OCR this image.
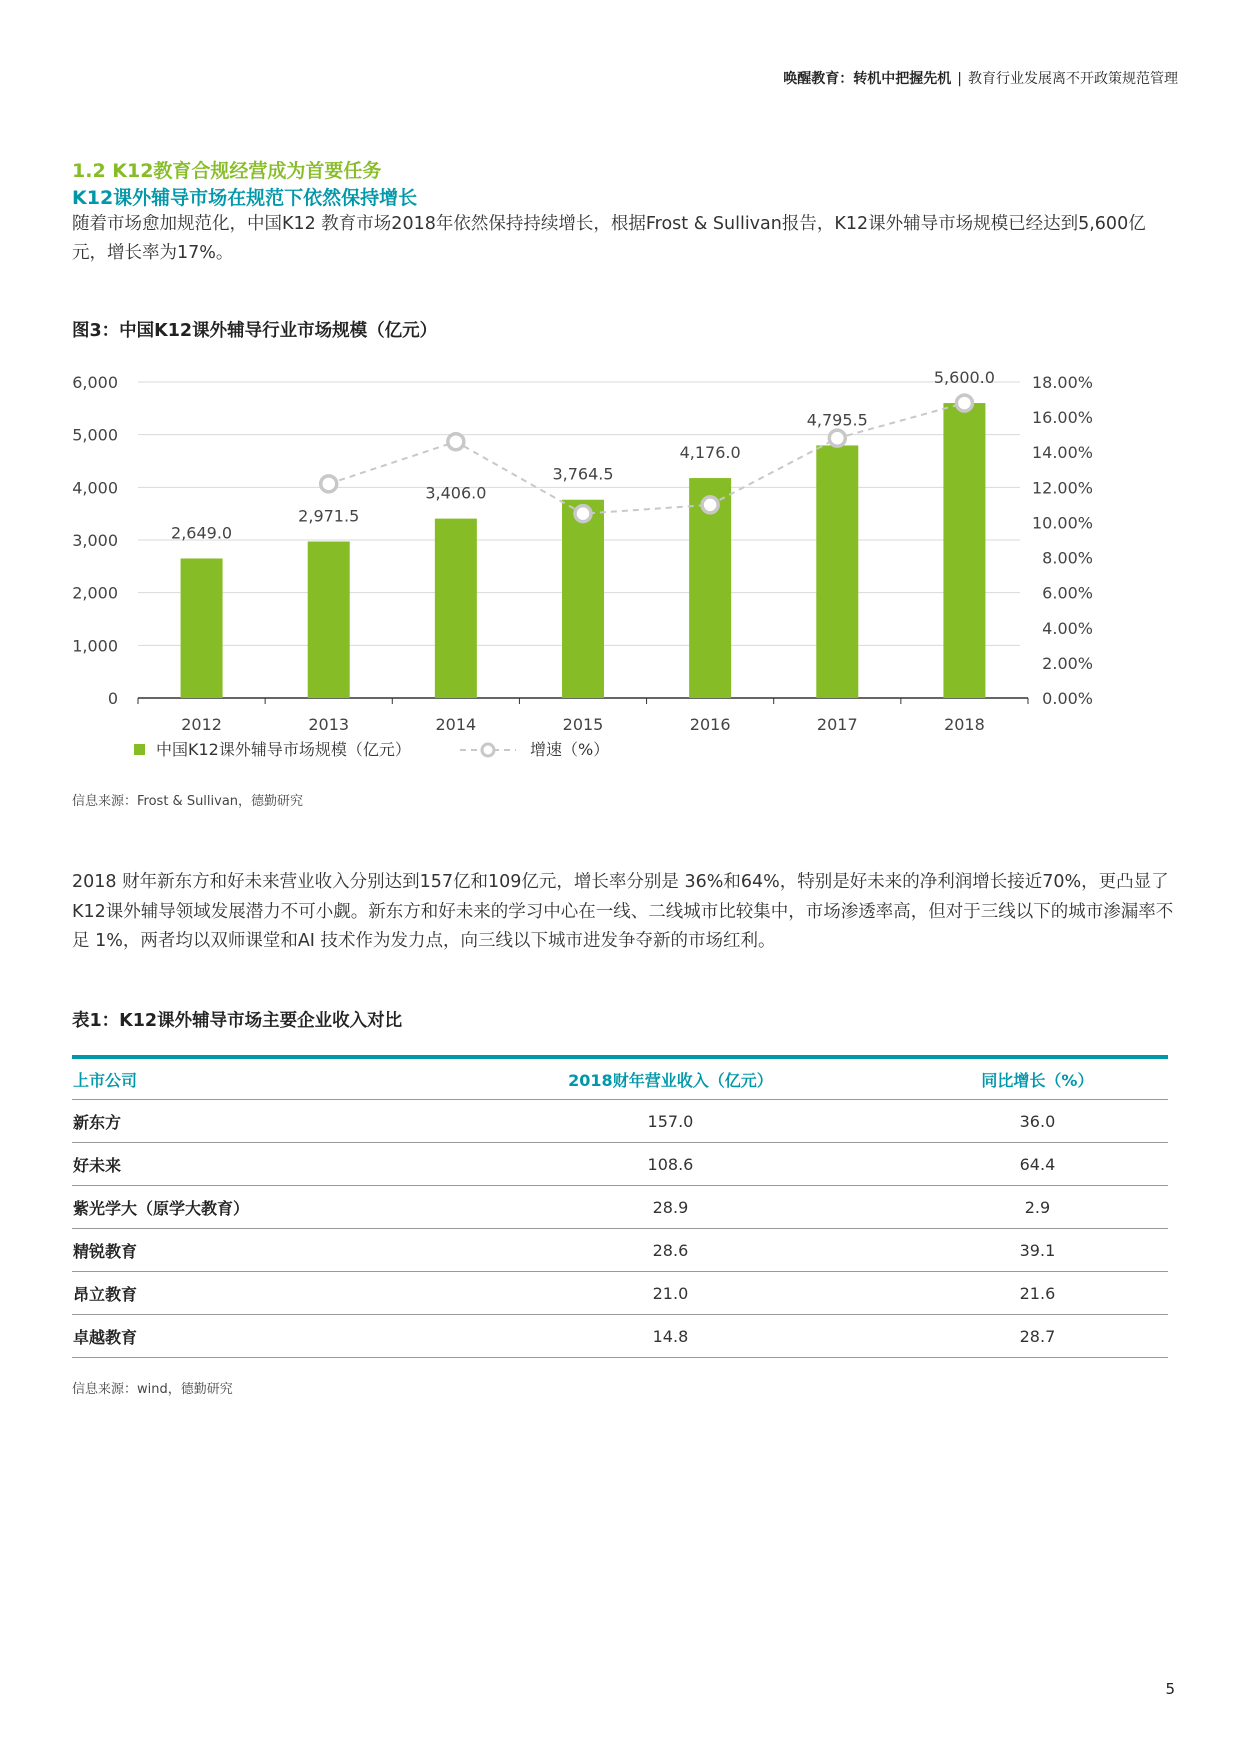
唤醒教育：转机中把握先机 | 教育行业发展离不开政策规范管理
1.2 K12教育合规经营成为首要任务
K12课外辅导市场在规范下依然保持增长
随着市场愈加规范化，中国K12 教育市场2018年依然保持持续增长，根据Frost & Sullivan报告，K12课外辅导市场规模已经达到5,600亿元，增长率为17%。
图3：中国K12课外辅导行业市场规模（亿元）
0
1,000
2,000
3,000
4,000
5,000
6,000
0.00%
2.00%
4.00%
6.00%
8.00%
10.00%
12.00%
14.00%
16.00%
18.00%
2,649.0
2012
2,971.5
2013
3,406.0
2014
3,764.5
2015
4,176.0
2016
4,795.5
2017
5,600.0
2018
中国K12课外辅导市场规模（亿元）	增速（%）
信息来源：Frost & Sullivan，德勤研究
2018 财年新东方和好未来营业收入分别达到157亿和109亿元，增长率分别是 36%和64%，特别是好未来的净利润增长接近70%，更凸显了K12课外辅导领域发展潜力不可小觑。新东方和好未来的学习中心在一线、二线城市比较集中，市场渗透率高，但对于三线以下的城市渗漏率不足 1%，两者均以双师课堂和AI 技术作为发力点，向三线以下城市进发争夺新的市场红利。
表1：K12课外辅导市场主要企业收入对比
上市公司	2018财年营业收入（亿元）	同比增长（%）
新东方	157.0	36.0
好未来	108.6	64.4
紫光学大（原学大教育）	28.9	2.9
精锐教育	28.6	39.1
昂立教育	21.0	21.6
卓越教育	14.8	28.7
信息来源：wind，德勤研究
5
